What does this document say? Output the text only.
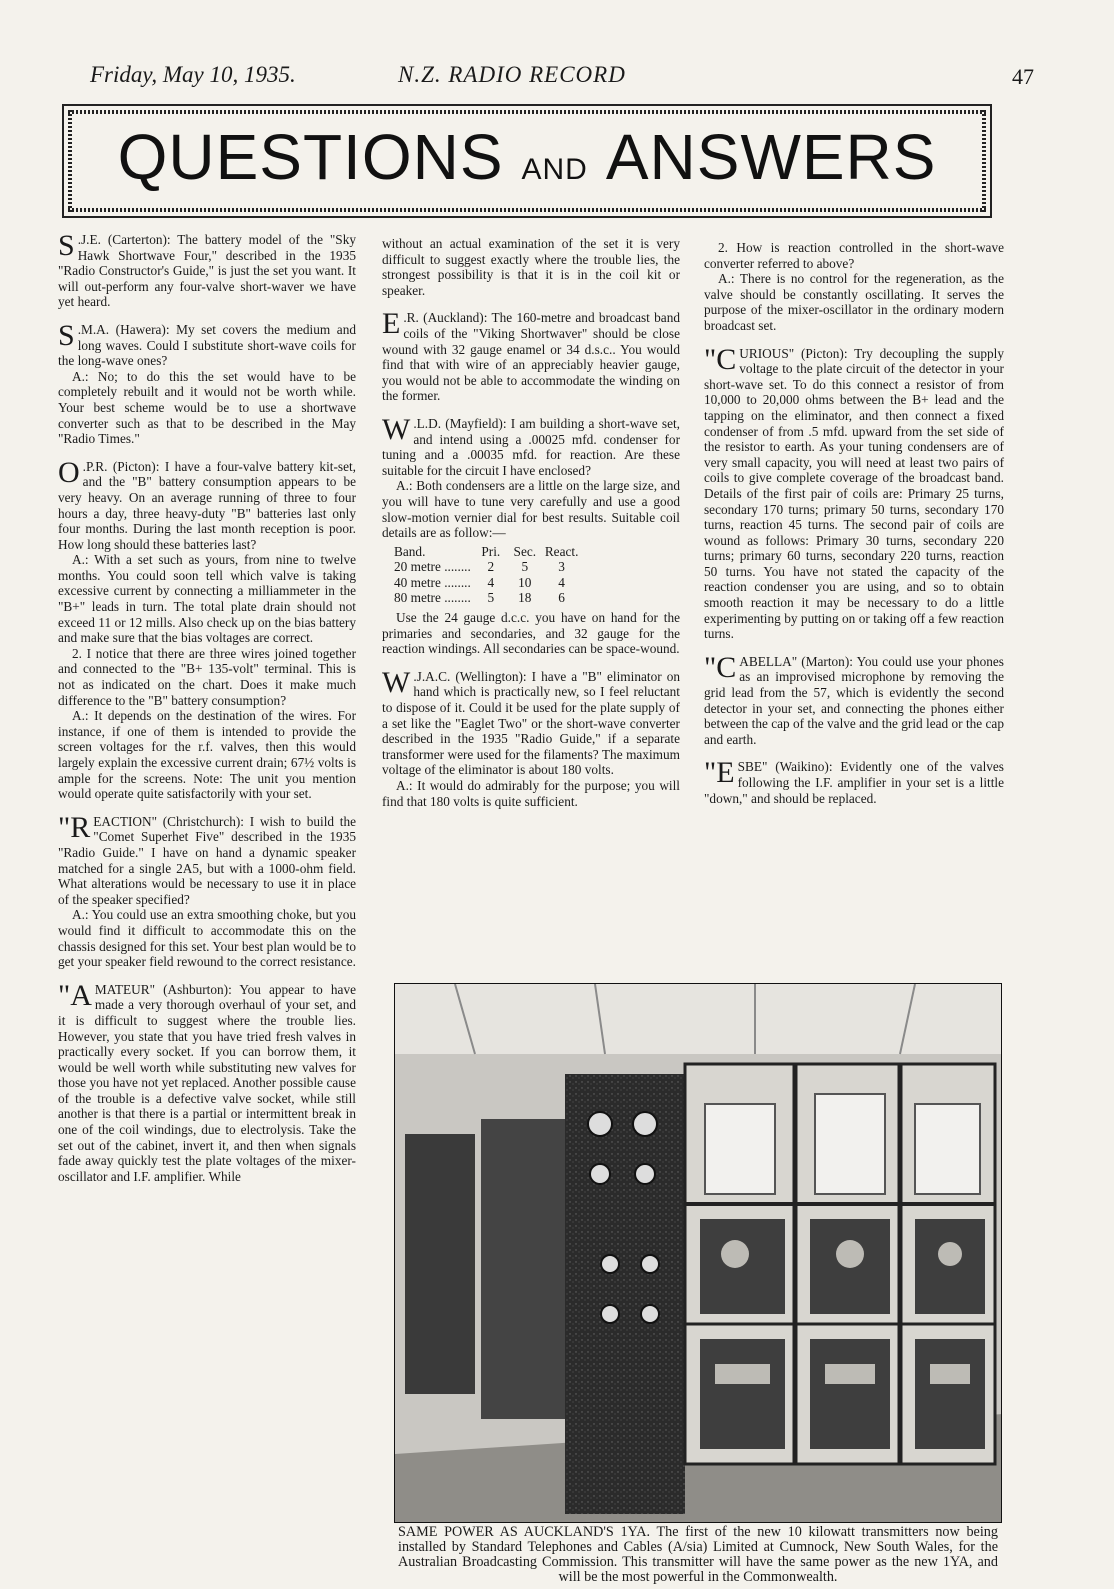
Friday, May 10, 1935.	N.Z. RADIO RECORD	47
QUESTIONS AND ANSWERS

S .J.E. (Carterton): The battery model of the "Sky Hawk Shortwave Four," described in the 1935 "Radio Constructor's Guide," is just the set you want. It will out-perform any four-valve short-waver we have yet heard.

S .M.A. (Hawera): My set covers the medium and long waves. Could I substitute short-wave coils for the long-wave ones?

A.: No; to do this the set would have to be completely rebuilt and it would not be worth while. Your best scheme would be to use a shortwave converter such as that to be described in the May "Radio Times."

O .P.R. (Picton): I have a four-valve battery kit-set, and the "B" battery consumption appears to be very heavy. On an average running of three to four hours a day, three heavy-duty "B" batteries last only four months. During the last month reception is poor. How long should these batteries last?

A.: With a set such as yours, from nine to twelve months. You could soon tell which valve is taking excessive current by connecting a milliammeter in the "B+" leads in turn. The total plate drain should not exceed 11 or 12 mills. Also check up on the bias battery and make sure that the bias voltages are correct.

2. I notice that there are three wires joined together and connected to the "B+ 135-volt" terminal. This is not as indicated on the chart. Does it make much difference to the "B" battery consumption?

A.: It depends on the destination of the wires. For instance, if one of them is intended to provide the screen voltages for the r.f. valves, then this would largely explain the excessive current drain; 67½ volts is ample for the screens. Note: The unit you mention would operate quite satisfactorily with your set.

"REACTION" (Christchurch): I wish to build the "Comet Superhet Five" described in the 1935 "Radio Guide." I have on hand a dynamic speaker matched for a single 2A5, but with a 1000-ohm field. What alterations would be necessary to use it in place of the speaker specified?

A.: You could use an extra smoothing choke, but you would find it difficult to accommodate this on the chassis designed for this set. Your best plan would be to get your speaker field rewound to the correct resistance.

"AMATEUR" (Ashburton): You appear to have made a very thorough overhaul of your set, and it is difficult to suggest where the trouble lies. However, you state that you have tried fresh valves in practically every socket. If you can borrow them, it would be well worth while substituting new valves for those you have not yet replaced. Another possible cause of the trouble is a defective valve socket, while still another is that there is a partial or intermittent break in one of the coil windings, due to electrolysis. Take the set out of the cabinet, invert it, and then when signals fade away quickly test the plate voltages of the mixer-oscillator and I.F. amplifier. While

without an actual examination of the set it is very difficult to suggest exactly where the trouble lies, the strongest possibility is that it is in the coil kit or speaker.

E .R. (Auckland): The 160-metre and broadcast band coils of the "Viking Shortwaver" should be close wound with 32 gauge enamel or 34 d.s.c.. You would find that with wire of an appreciably heavier gauge, you would not be able to accommodate the winding on the former.

W .L.D. (Mayfield): I am building a short-wave set, and intend using a .00025 mfd. condenser for tuning and a .00035 mfd. for reaction. Are these suitable for the circuit I have enclosed?

A.: Both condensers are a little on the large size, and you will have to tune very carefully and use a good slow-motion vernier dial for best results. Suitable coil details are as follow:—

Band.	Pri.	Sec.	React.
20 metre ........	2	5	3
40 metre ........	4	10	4
80 metre ........	5	18	6

Use the 24 gauge d.c.c. you have on hand for the primaries and secondaries, and 32 gauge for the reaction windings. All secondaries can be space-wound.

W .J.A.C. (Wellington): I have a "B" eliminator on hand which is practically new, so I feel reluctant to dispose of it. Could it be used for the plate supply of a set like the "Eaglet Two" or the short-wave converter described in the 1935 "Radio Guide," if a separate transformer were used for the filaments? The maximum voltage of the eliminator is about 180 volts.

A.: It would do admirably for the purpose; you will find that 180 volts is quite sufficient.

2. How is reaction controlled in the short-wave converter referred to above?

A.: There is no control for the regeneration, as the valve should be constantly oscillating. It serves the purpose of the mixer-oscillator in the ordinary modern broadcast set.

"CURIOUS" (Picton): Try decoupling the supply voltage to the plate circuit of the detector in your short-wave set. To do this connect a resistor of from 10,000 to 20,000 ohms between the B+ lead and the tapping on the eliminator, and then connect a fixed condenser of from .5 mfd. upward from the set side of the resistor to earth. As your tuning condensers are of very small capacity, you will need at least two pairs of coils to give complete coverage of the broadcast band. Details of the first pair of coils are: Primary 25 turns, secondary 170 turns; primary 50 turns, secondary 170 turns, reaction 45 turns. The second pair of coils are wound as follows: Primary 30 turns, secondary 220 turns; primary 60 turns, secondary 220 turns, reaction 50 turns. You have not stated the capacity of the reaction condenser you are using, and so to obtain smooth reaction it may be necessary to do a little experimenting by putting on or taking off a few reaction turns.

"CABELLA" (Marton): You could use your phones as an improvised microphone by removing the grid lead from the 57, which is evidently the second detector in your set, and connecting the phones either between the cap of the valve and the grid lead or the cap and earth.

"ESBE" (Waikino): Evidently one of the valves following the I.F. amplifier in your set is a little "down," and should be replaced.

SAME POWER AS AUCKLAND'S 1YA. The first of the new 10 kilowatt transmitters now being installed by Standard Telephones and Cables (A/sia) Limited at Cumnock, New South Wales, for the Australian Broadcasting Commission. This transmitter will have the same power as the new 1YA, and will be the most powerful in the Commonwealth.
